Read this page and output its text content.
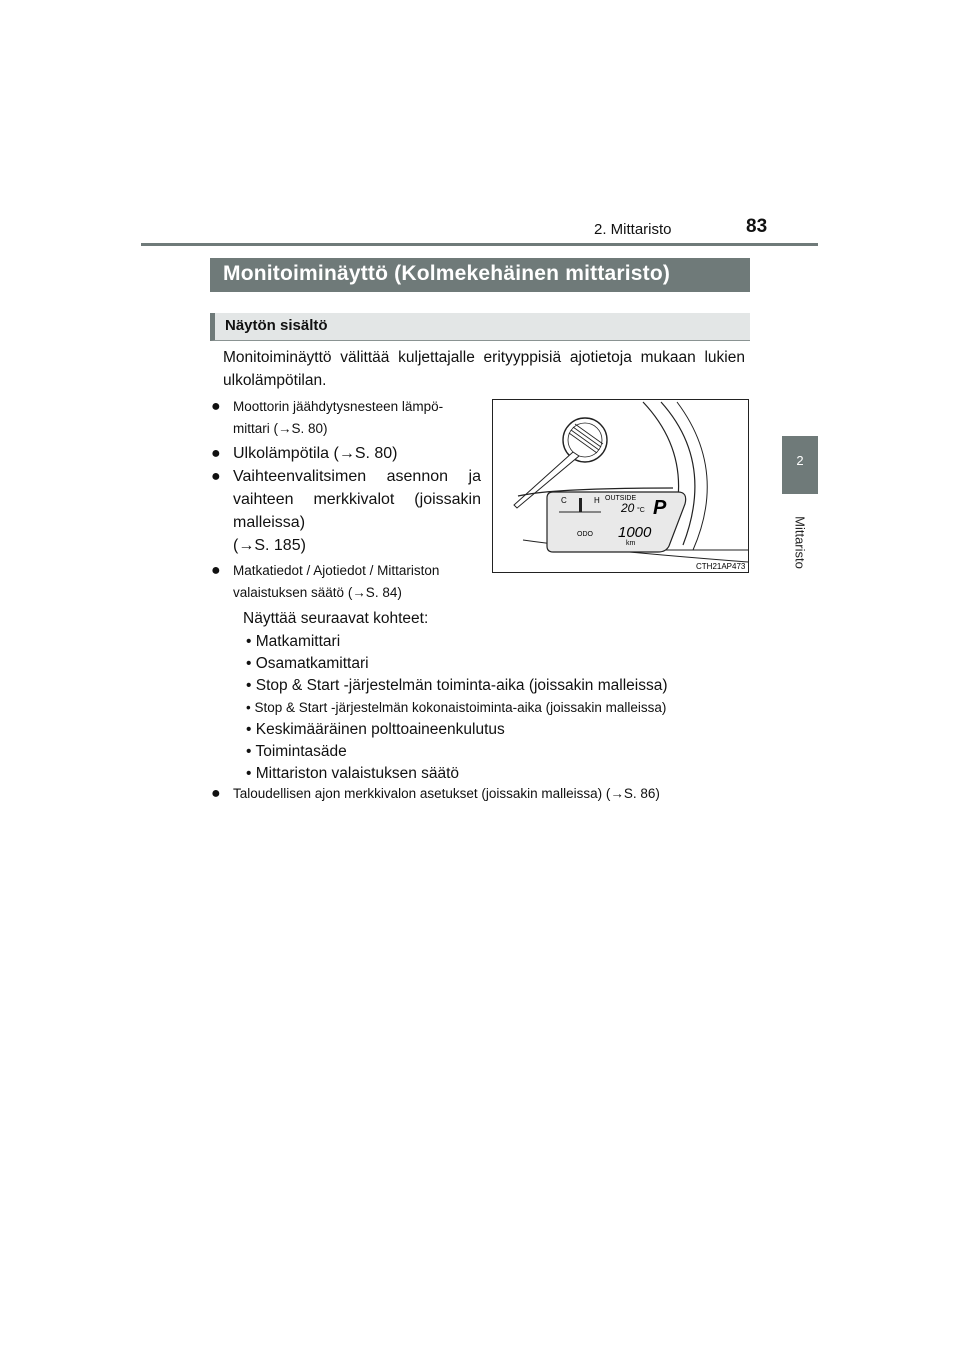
2. Mittaristo	83
2
Mittaristo
Monitoiminäyttö (Kolmekehäinen mittaristo)
Näytön sisältö
Monitoiminäyttö välittää kuljettajalle erityyppisiä ajotietoja mukaan lukien ulkolämpötilan.
● Moottorin jäähdytysnesteen lämpö-
mittari (→S. 80)
● Ulkolämpötila (→S. 80)
● Vaihteenvalitsimen asennon ja vaihteen merkkivalot (joissakin malleissa)
(→S. 185)
● Matkatiedot / Ajotiedot / Mittariston
valaistuksen säätö (→S. 84)
Näyttää seuraavat kohteet:
• Matkamittari
• Osamatkamittari
• Stop & Start -järjestelmän toiminta-aika (joissakin malleissa)
• Stop & Start -järjestelmän kokonaistoiminta-aika (joissakin malleissa)
• Keskimääräinen polttoaineenkulutus
• Toimintasäde
• Mittariston valaistuksen säätö
● Taloudellisen ajon merkkivalon asetukset (joissakin malleissa) (→S. 86)
C	H OUTSIDE
20 °C P
ODO 1000
km
CTH21AP473
